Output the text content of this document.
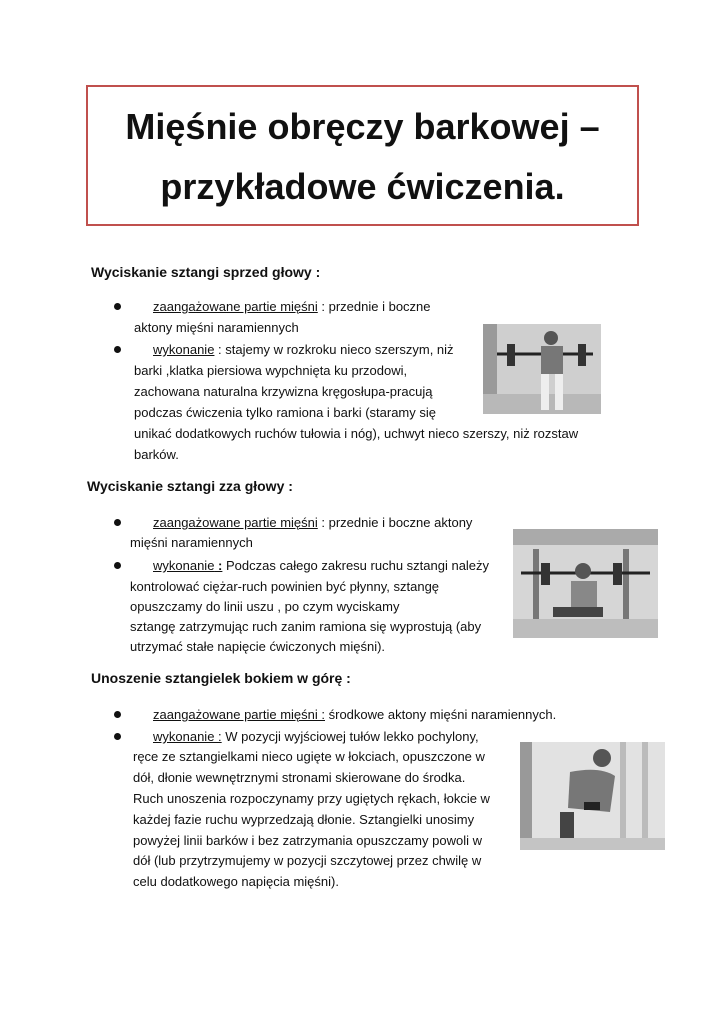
Mięśnie obręczy barkowej –
przykładowe ćwiczenia.
Wyciskanie sztangi sprzed głowy :
zaangażowane partie mięśni : przednie i boczne
aktony mięśni naramiennych
wykonanie : stajemy w rozkroku nieco szerszym, niż
barki ,klatka piersiowa wypchnięta ku przodowi,
zachowana naturalna krzywizna kręgosłupa-pracują
podczas ćwiczenia tylko ramiona i barki (staramy się
unikać dodatkowych ruchów tułowia i nóg), uchwyt nieco szerszy, niż rozstaw
barków.
Wyciskanie sztangi zza głowy :
zaangażowane partie mięśni : przednie i boczne aktony
mięśni naramiennych
wykonanie : Podczas całego zakresu ruchu sztangi należy
kontrolować ciężar-ruch powinien być płynny, sztangę
opuszczamy do linii uszu , po czym wyciskamy
sztangę zatrzymując ruch zanim ramiona się wyprostują (aby
utrzymać stałe napięcie ćwiczonych mięśni).
Unoszenie sztangielek bokiem w górę :
zaangażowane partie mięśni : środkowe aktony mięśni naramiennych.
wykonanie : W pozycji wyjściowej tułów lekko pochylony,
ręce ze sztangielkami nieco ugięte w łokciach, opuszczone w
dół, dłonie wewnętrznymi stronami skierowane do środka.
Ruch unoszenia rozpoczynamy przy ugiętych rękach, łokcie w
każdej fazie ruchu wyprzedzają dłonie. Sztangielki unosimy
powyżej linii barków i bez zatrzymania opuszczamy powoli w
dół (lub przytrzymujemy w pozycji szczytowej przez chwilę w
celu dodatkowego napięcia mięśni).
